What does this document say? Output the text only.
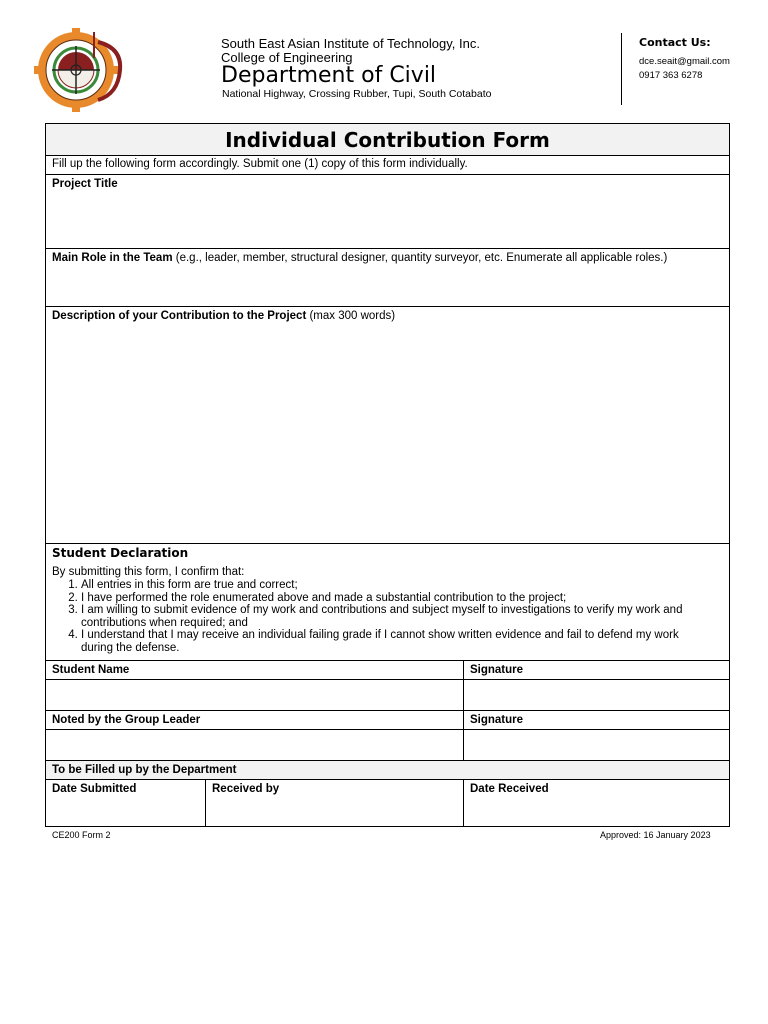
South East Asian Institute of Technology, Inc.
College of Engineering
Department of Civil
National Highway, Crossing Rubber, Tupi, South Cotabato
Contact Us:
dce.seait@gmail.com
0917 363 6278
Individual Contribution Form
Fill up the following form accordingly. Submit one (1) copy of this form individually.
Project Title
Main Role in the Team (e.g., leader, member, structural designer, quantity surveyor, etc. Enumerate all applicable roles.)
Description of your Contribution to the Project (max 300 words)
Student Declaration
By submitting this form, I confirm that:
1. All entries in this form are true and correct;
2. I have performed the role enumerated above and made a substantial contribution to the project;
3. I am willing to submit evidence of my work and contributions and subject myself to investigations to verify my work and contributions when required; and
4. I understand that I may receive an individual failing grade if I cannot show written evidence and fail to defend my work during the defense.
Student Name	Signature
Noted by the Group Leader	Signature
To be Filled up by the Department
Date Submitted	Received by	Date Received
CE200 Form 2	Approved: 16 January 2023
